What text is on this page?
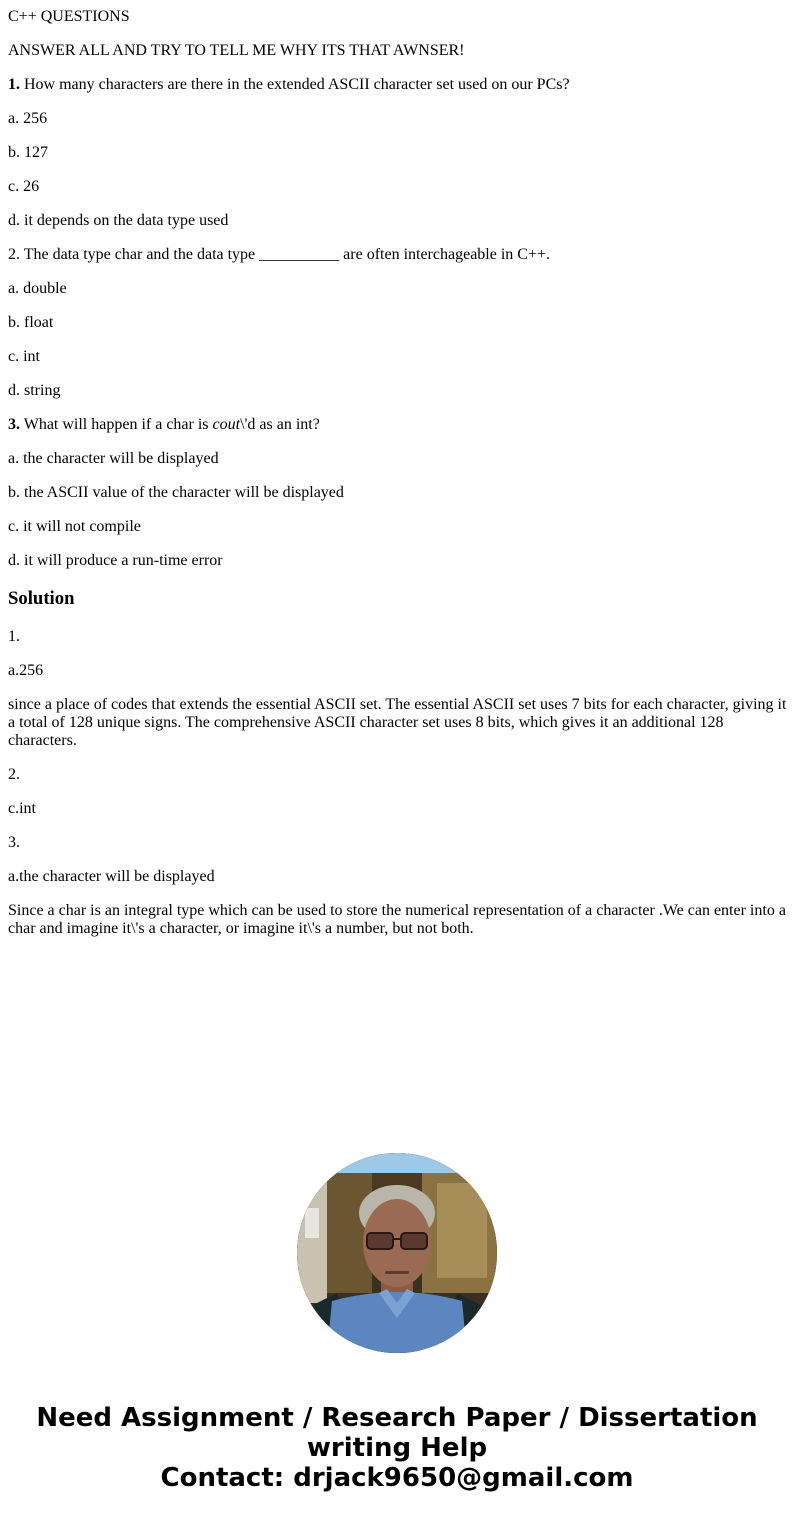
C++ QUESTIONS

ANSWER ALL AND TRY TO TELL ME WHY ITS THAT AWNSER!

1. How many characters are there in the extended ASCII character set used on our PCs?

a. 256

b. 127

c. 26

d. it depends on the data type used

2. The data type char and the data type __________ are often interchageable in C++.

a. double

b. float

c. int

d. string

3. What will happen if a char is cout\'d as an int?

a. the character will be displayed

b. the ASCII value of the character will be displayed

c. it will not compile

d. it will produce a run-time error

Solution

1.

a.256

since a place of codes that extends the essential ASCII set. The essential ASCII set uses 7 bits for each character, giving it a total of 128 unique signs. The comprehensive ASCII character set uses 8 bits, which gives it an additional 128 characters.

2.

c.int

3.

a.the character will be displayed

Since a char is an integral type which can be used to store the numerical representation of a character .We can enter into a char and imagine it\'s a character, or imagine it\'s a number, but not both.

Need Assignment / Research Paper / Dissertation
writing Help
Contact: drjack9650@gmail.com
